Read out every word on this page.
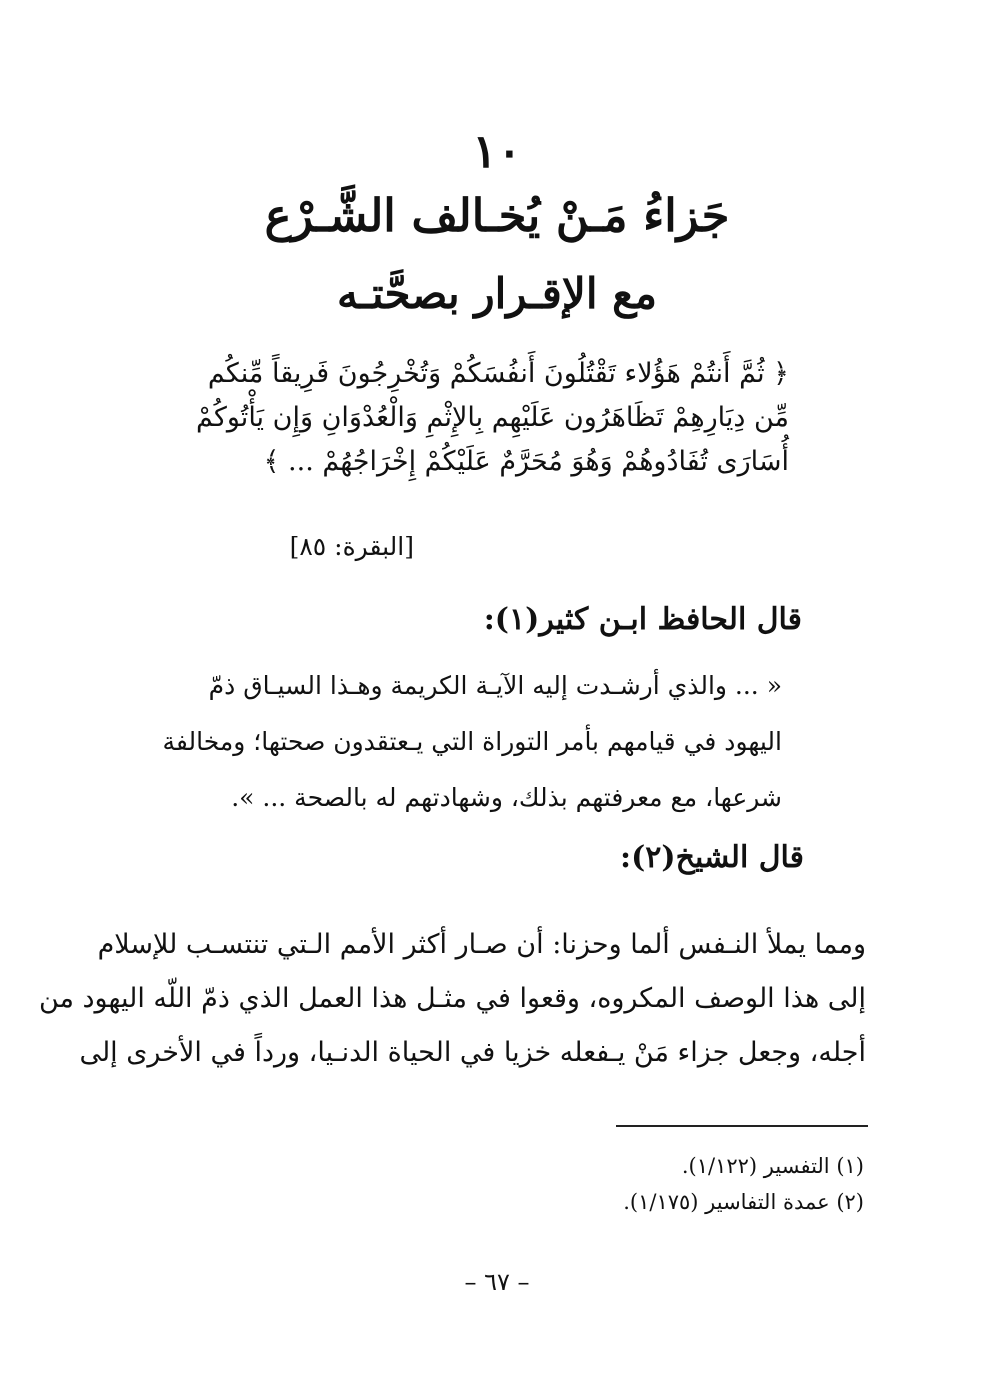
١٠
جَزاءُ مَـنْ يُخـالف الشَّـرْع
مع الإقـرار بصحَّتـه
﴿ ثُمَّ أَنتُمْ هَؤُلاء تَقْتُلُونَ أَنفُسَكُمْ وَتُخْرِجُونَ فَرِيقاً مِّنكُم
مِّن دِيَارِهِمْ تَظَاهَرُون عَلَيْهِم بِالإِثْمِ وَالْعُدْوَانِ وَإِن يَأْتُوكُمْ
أُسَارَى تُفَادُوهُمْ وَهُوَ مُحَرَّمٌ عَلَيْكُمْ إِخْرَاجُهُمْ ... ﴾
[البقرة: ٨٥]
قال الحافظ ابـن كثير(١):
« ... والذي أرشـدت إليه الآيـة الكريمة وهـذا السيـاق ذمّ
اليهود في قيامهم بأمر التوراة التي يـعتقدون صحتها؛ ومخالفة
شرعها، مع معرفتهم بذلك، وشهادتهم له بالصحة ... ».
قال الشيخ(٢):
ومما يملأ النـفس ألما وحزنا: أن صـار أكثر الأمم الـتي تنتسـب للإسلام
إلى هذا الوصف المكروه، وقعوا في مثـل هذا العمل الذي ذمّ اللّه اليهود من
أجله، وجعل جزاء مَنْ يـفعله خزيا في الحياة الدنـيا، ورداً في الأخرى إلى
(١) التفسير (١/١٢٢).
(٢) عمدة التفاسير (١/١٧٥).
– ٦٧ –
